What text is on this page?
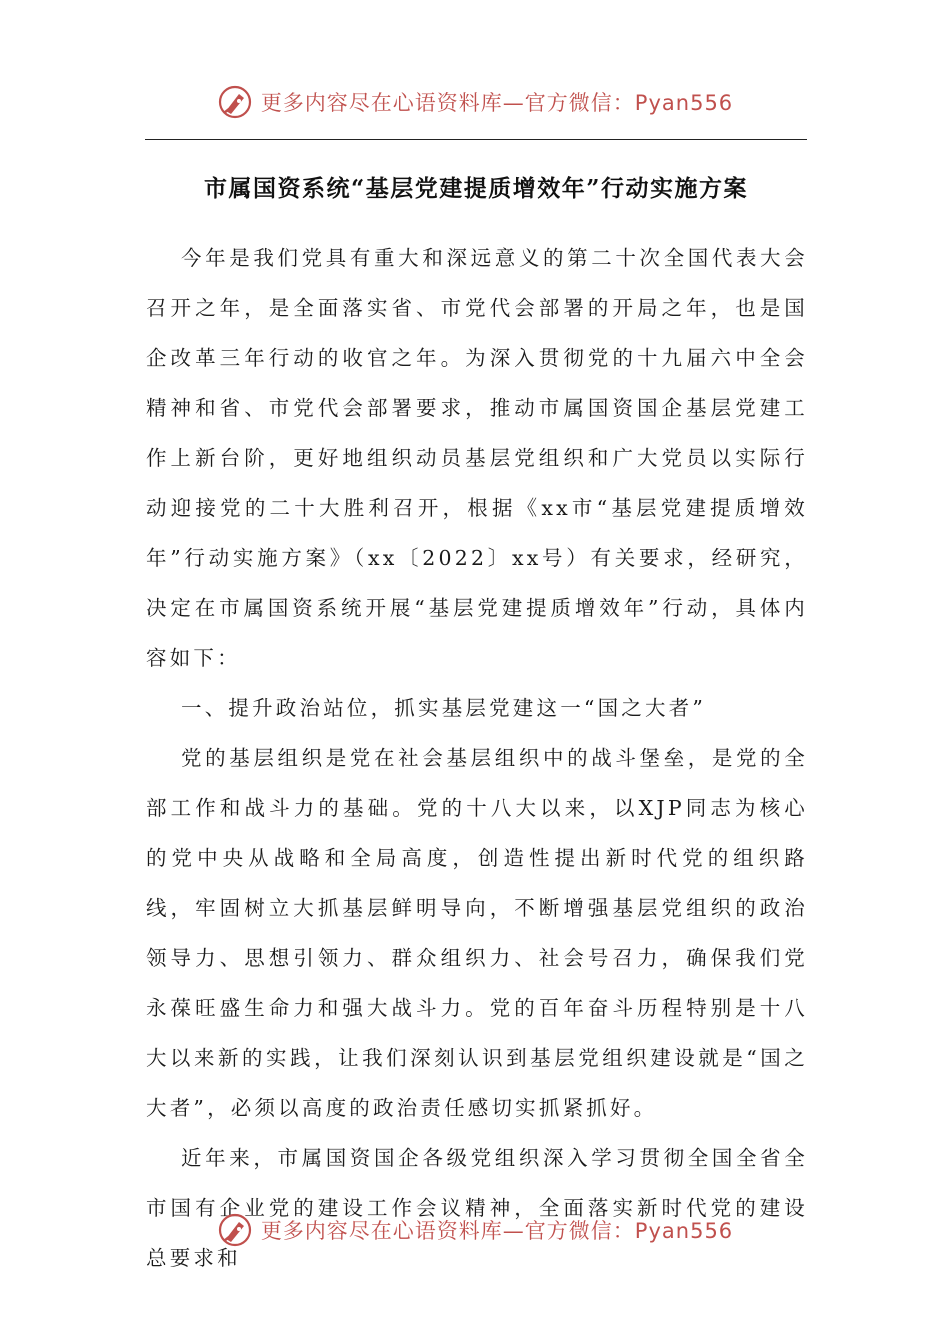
更多内容尽在心语资料库—官方微信：Pyan556
市属国资系统“基层党建提质增效年”行动实施方案

今年是我们党具有重大和深远意义的第二十次全国代表大会召开之年，是全面落实省、市党代会部署的开局之年，也是国企改革三年行动的收官之年。为深入贯彻党的十九届六中全会精神和省、市党代会部署要求，推动市属国资国企基层党建工作上新台阶，更好地组织动员基层党组织和广大党员以实际行动迎接党的二十大胜利召开，根据《xx市“基层党建提质增效年”行动实施方案》（xx〔2022〕xx号）有关要求，经研究，决定在市属国资系统开展“基层党建提质增效年”行动，具体内容如下：

一、提升政治站位，抓实基层党建这一“国之大者”

党的基层组织是党在社会基层组织中的战斗堡垒，是党的全部工作和战斗力的基础。党的十八大以来，以XJP同志为核心的党中央从战略和全局高度，创造性提出新时代党的组织路线，牢固树立大抓基层鲜明导向，不断增强基层党组织的政治领导力、思想引领力、群众组织力、社会号召力，确保我们党永葆旺盛生命力和强大战斗力。党的百年奋斗历程特别是十八大以来新的实践，让我们深刻认识到基层党组织建设就是“国之大者”，必须以高度的政治责任感切实抓紧抓好。

近年来，市属国资国企各级党组织深入学习贯彻全国全省全市国有企业党的建设工作会议精神，全面落实新时代党的建设总要求和

更多内容尽在心语资料库—官方微信：Pyan556
